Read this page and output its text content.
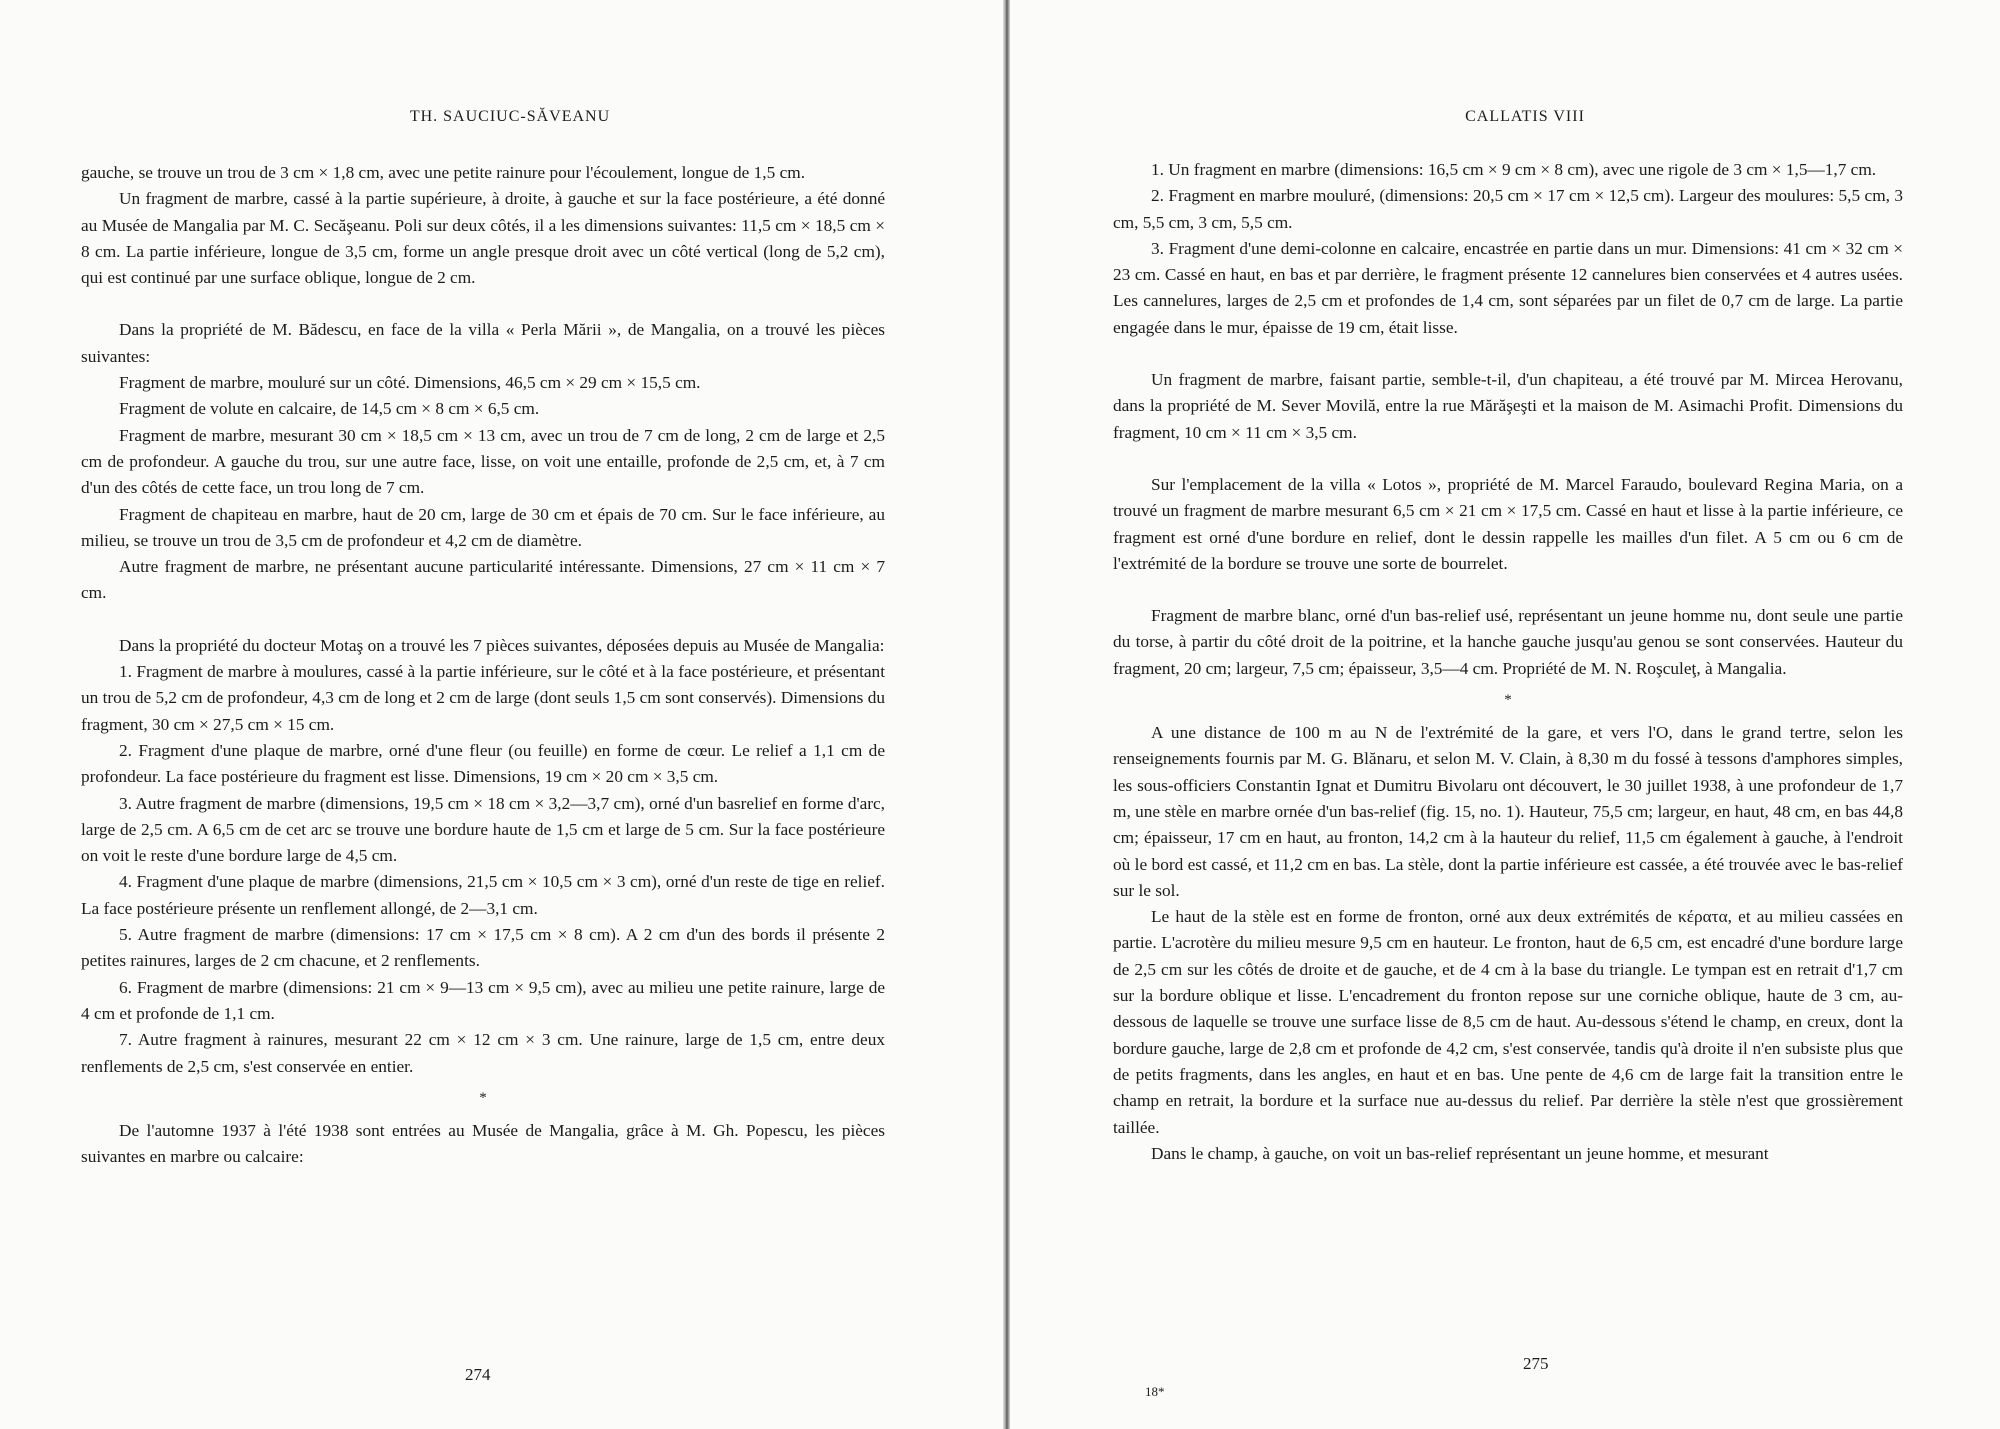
TH. SAUCIUC-SĂVEANU

gauche, se trouve un trou de 3 cm × 1,8 cm, avec une petite rainure pour l'écoulement, longue de 1,5 cm.

Un fragment de marbre, cassé à la partie supérieure, à droite, à gauche et sur la face postérieure, a été donné au Musée de Mangalia par M. C. Secăşeanu. Poli sur deux côtés, il a les dimensions suivantes: 11,5 cm × 18,5 cm × 8 cm. La partie inférieure, longue de 3,5 cm, forme un angle presque droit avec un côté vertical (long de 5,2 cm), qui est continué par une surface oblique, longue de 2 cm.

Dans la propriété de M. Bădescu, en face de la villa « Perla Mării », de Mangalia, on a trouvé les pièces suivantes:

Fragment de marbre, mouluré sur un côté. Dimensions, 46,5 cm × 29 cm × 15,5 cm.

Fragment de volute en calcaire, de 14,5 cm × 8 cm × 6,5 cm.

Fragment de marbre, mesurant 30 cm × 18,5 cm × 13 cm, avec un trou de 7 cm de long, 2 cm de large et 2,5 cm de profondeur. A gauche du trou, sur une autre face, lisse, on voit une entaille, profonde de 2,5 cm, et, à 7 cm d'un des côtés de cette face, un trou long de 7 cm.

Fragment de chapiteau en marbre, haut de 20 cm, large de 30 cm et épais de 70 cm. Sur le face inférieure, au milieu, se trouve un trou de 3,5 cm de profondeur et 4,2 cm de diamètre.

Autre fragment de marbre, ne présentant aucune particularité intéressante. Dimensions, 27 cm × 11 cm × 7 cm.

Dans la propriété du docteur Motaş on a trouvé les 7 pièces suivantes, déposées depuis au Musée de Mangalia:

1. Fragment de marbre à moulures, cassé à la partie inférieure, sur le côté et à la face postérieure, et présentant un trou de 5,2 cm de profondeur, 4,3 cm de long et 2 cm de large (dont seuls 1,5 cm sont conservés). Dimensions du fragment, 30 cm × 27,5 cm × 15 cm.

2. Fragment d'une plaque de marbre, orné d'une fleur (ou feuille) en forme de cœur. Le relief a 1,1 cm de profondeur. La face postérieure du fragment est lisse. Dimensions, 19 cm × 20 cm × 3,5 cm.

3. Autre fragment de marbre (dimensions, 19,5 cm × 18 cm × 3,2—3,7 cm), orné d'un basrelief en forme d'arc, large de 2,5 cm. A 6,5 cm de cet arc se trouve une bordure haute de 1,5 cm et large de 5 cm. Sur la face postérieure on voit le reste d'une bordure large de 4,5 cm.

4. Fragment d'une plaque de marbre (dimensions, 21,5 cm × 10,5 cm × 3 cm), orné d'un reste de tige en relief. La face postérieure présente un renflement allongé, de 2—3,1 cm.

5. Autre fragment de marbre (dimensions: 17 cm × 17,5 cm × 8 cm). A 2 cm d'un des bords il présente 2 petites rainures, larges de 2 cm chacune, et 2 renflements.

6. Fragment de marbre (dimensions: 21 cm × 9—13 cm × 9,5 cm), avec au milieu une petite rainure, large de 4 cm et profonde de 1,1 cm.

7. Autre fragment à rainures, mesurant 22 cm × 12 cm × 3 cm. Une rainure, large de 1,5 cm, entre deux renflements de 2,5 cm, s'est conservée en entier.

*

De l'automne 1937 à l'été 1938 sont entrées au Musée de Mangalia, grâce à M. Gh. Popescu, les pièces suivantes en marbre ou calcaire:

274
CALLATIS VIII

1. Un fragment en marbre (dimensions: 16,5 cm × 9 cm × 8 cm), avec une rigole de 3 cm × 1,5—1,7 cm.

2. Fragment en marbre mouluré, (dimensions: 20,5 cm × 17 cm × 12,5 cm). Largeur des moulures: 5,5 cm, 3 cm, 5,5 cm, 3 cm, 5,5 cm.

3. Fragment d'une demi-colonne en calcaire, encastrée en partie dans un mur. Dimensions: 41 cm × 32 cm × 23 cm. Cassé en haut, en bas et par derrière, le fragment présente 12 cannelures bien conservées et 4 autres usées. Les cannelures, larges de 2,5 cm et profondes de 1,4 cm, sont séparées par un filet de 0,7 cm de large. La partie engagée dans le mur, épaisse de 19 cm, était lisse.

Un fragment de marbre, faisant partie, semble-t-il, d'un chapiteau, a été trouvé par M. Mircea Herovanu, dans la propriété de M. Sever Movilă, entre la rue Mărăşeşti et la maison de M. Asimachi Profit. Dimensions du fragment, 10 cm × 11 cm × 3,5 cm.

Sur l'emplacement de la villa « Lotos », propriété de M. Marcel Faraudo, boulevard Regina Maria, on a trouvé un fragment de marbre mesurant 6,5 cm × 21 cm × 17,5 cm. Cassé en haut et lisse à la partie inférieure, ce fragment est orné d'une bordure en relief, dont le dessin rappelle les mailles d'un filet. A 5 cm ou 6 cm de l'extrémité de la bordure se trouve une sorte de bourrelet.

Fragment de marbre blanc, orné d'un bas-relief usé, représentant un jeune homme nu, dont seule une partie du torse, à partir du côté droit de la poitrine, et la hanche gauche jusqu'au genou se sont conservées. Hauteur du fragment, 20 cm; largeur, 7,5 cm; épaisseur, 3,5—4 cm. Propriété de M. N. Roşculeţ, à Mangalia.

*

A une distance de 100 m au N de l'extrémité de la gare, et vers l'O, dans le grand tertre, selon les renseignements fournis par M. G. Blănaru, et selon M. V. Clain, à 8,30 m du fossé à tessons d'amphores simples, les sous-officiers Constantin Ignat et Dumitru Bivolaru ont découvert, le 30 juillet 1938, à une profondeur de 1,7 m, une stèle en marbre ornée d'un bas-relief (fig. 15, no. 1). Hauteur, 75,5 cm; largeur, en haut, 48 cm, en bas 44,8 cm; épaisseur, 17 cm en haut, au fronton, 14,2 cm à la hauteur du relief, 11,5 cm également à gauche, à l'endroit où le bord est cassé, et 11,2 cm en bas. La stèle, dont la partie inférieure est cassée, a été trouvée avec le bas-relief sur le sol.

Le haut de la stèle est en forme de fronton, orné aux deux extrémités de κέρατα, et au milieu cassées en partie. L'acrotère du milieu mesure 9,5 cm en hauteur. Le fronton, haut de 6,5 cm, est encadré d'une bordure large de 2,5 cm sur les côtés de droite et de gauche, et de 4 cm à la base du triangle. Le tympan est en retrait d'1,7 cm sur la bordure oblique et lisse. L'encadrement du fronton repose sur une corniche oblique, haute de 3 cm, au-dessous de laquelle se trouve une surface lisse de 8,5 cm de haut. Au-dessous s'étend le champ, en creux, dont la bordure gauche, large de 2,8 cm et profonde de 4,2 cm, s'est conservée, tandis qu'à droite il n'en subsiste plus que de petits fragments, dans les angles, en haut et en bas. Une pente de 4,6 cm de large fait la transition entre le champ en retrait, la bordure et la surface nue au-dessus du relief. Par derrière la stèle n'est que grossièrement taillée.

Dans le champ, à gauche, on voit un bas-relief représentant un jeune homme, et mesurant

275
18*
